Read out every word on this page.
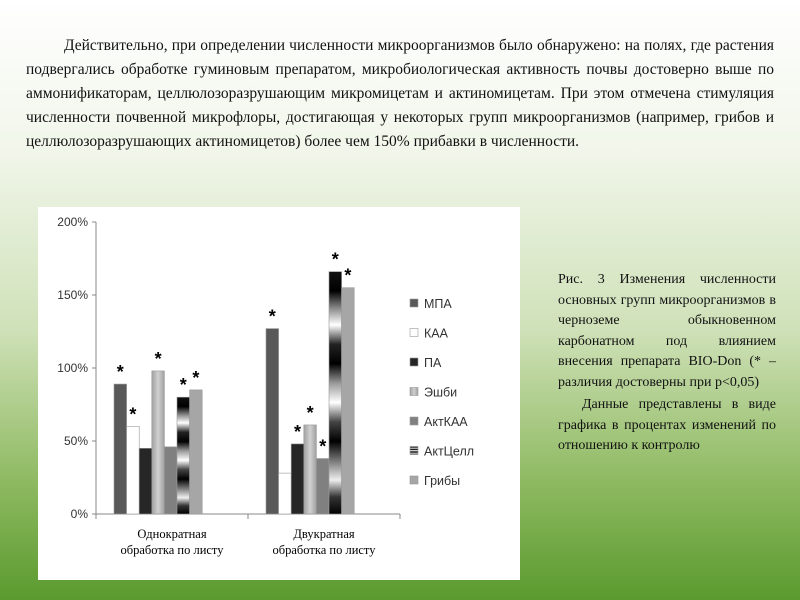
Действительно, при определении численности микроорганизмов было обнаружено: на полях, где растения подвергались обработке гуминовым препаратом, микробиологическая активность почвы достоверно выше по аммонификаторам, целлюлозоразрушающим микромицетам и актиномицетам. При этом отмечена стимуляция численности почвенной микрофлоры, достигающая у некоторых групп микроорганизмов (например, грибов и целлюлозоразрушающих актиномицетов) более чем 150% прибавки в численности.
0%
50%
100%
150%
200%
Однократная обработка по листу
Двукратная обработка по листу
*
*
*
* *
*
*
*
*
*
*
МПА
КАА
ПА
Эшби
АктКАА
АктЦелл
Грибы

Рис. 3 Изменения численности основных групп микроорганизмов в черноземе обыкновенном карбонатном под влиянием внесения препарата BIO-Don (* – различия достоверны при р<0,05)

Данные представлены в виде графика в процентах изменений по отношению к контролю
